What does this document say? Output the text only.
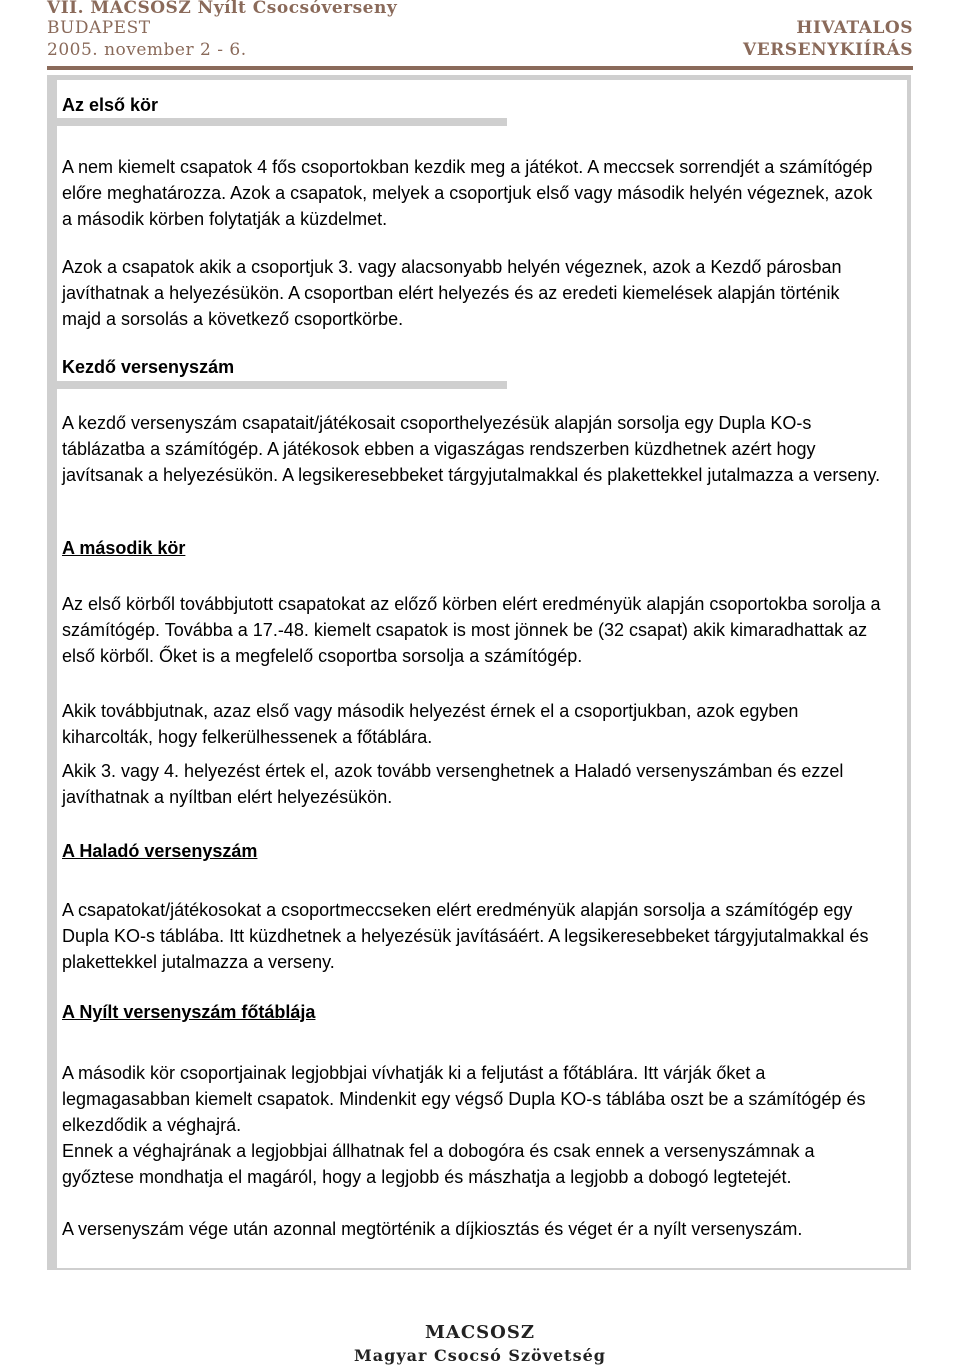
VII. MACSOSZ Nyílt Csocsóverseny
BUDAPEST
2005. november 2 - 6.
HIVATALOS
VERSENYKIÍRÁS
Az első kör
A nem kiemelt csapatok 4 fős csoportokban kezdik meg a játékot. A meccsek sorrendjét a számítógép előre meghatározza. Azok a csapatok, melyek a csoportjuk első vagy második helyén végeznek, azok a második körben folytatják a küzdelmet.
Azok a csapatok akik a csoportjuk 3. vagy alacsonyabb helyén végeznek, azok a Kezdő párosban javíthatnak a helyezésükön. A csoportban elért helyezés és az eredeti kiemelések alapján történik majd a sorsolás a következő csoportkörbe.
Kezdő versenyszám
A kezdő versenyszám csapatait/játékosait csoporthelyezésük alapján sorsolja egy Dupla KO-s táblázatba a számítógép. A játékosok ebben a vigaszágas rendszerben küzdhetnek azért hogy javítsanak a helyezésükön. A legsikeresebbeket tárgyjutalmakkal és plakettekkel jutalmazza a verseny.
A második kör
Az első körből továbbjutott csapatokat az előző körben elért eredményük alapján csoportokba sorolja a számítógép. Továbba a 17.-48. kiemelt csapatok is most jönnek be (32 csapat) akik kimaradhattak az első körből. Őket is a megfelelő csoportba sorsolja a számítógép.
Akik továbbjutnak, azaz első vagy második helyezést érnek el a csoportjukban, azok egyben kiharcolták, hogy felkerülhessenek a főtáblára.
Akik 3. vagy 4. helyezést értek el, azok tovább versenghetnek a Haladó versenyszámban és ezzel javíthatnak a nyíltban elért helyezésükön.
A Haladó versenyszám
A csapatokat/játékosokat a csoportmeccseken elért eredményük alapján sorsolja a számítógép egy Dupla KO-s táblába. Itt küzdhetnek a helyezésük javításáért. A legsikeresebbeket tárgyjutalmakkal és plakettekkel jutalmazza a verseny.
A Nyílt versenyszám főtáblája
A második kör csoportjainak legjobbjai vívhatják ki a feljutást a főtáblára. Itt várják őket a legmagasabban kiemelt csapatok. Mindenkit egy végső Dupla KO-s táblába oszt be a számítógép és elkezdődik a véghajrá.
Ennek a véghajrának a legjobbjai állhatnak fel a dobogóra és csak ennek a versenyszámnak a győztese mondhatja el magáról, hogy a legjobb és mászhatja a legjobb a dobogó legtetejét.
A versenyszám vége után azonnal megtörténik a díjkiosztás és véget ér a nyílt versenyszám.
MACSOSZ
Magyar Csocsó Szövetség
